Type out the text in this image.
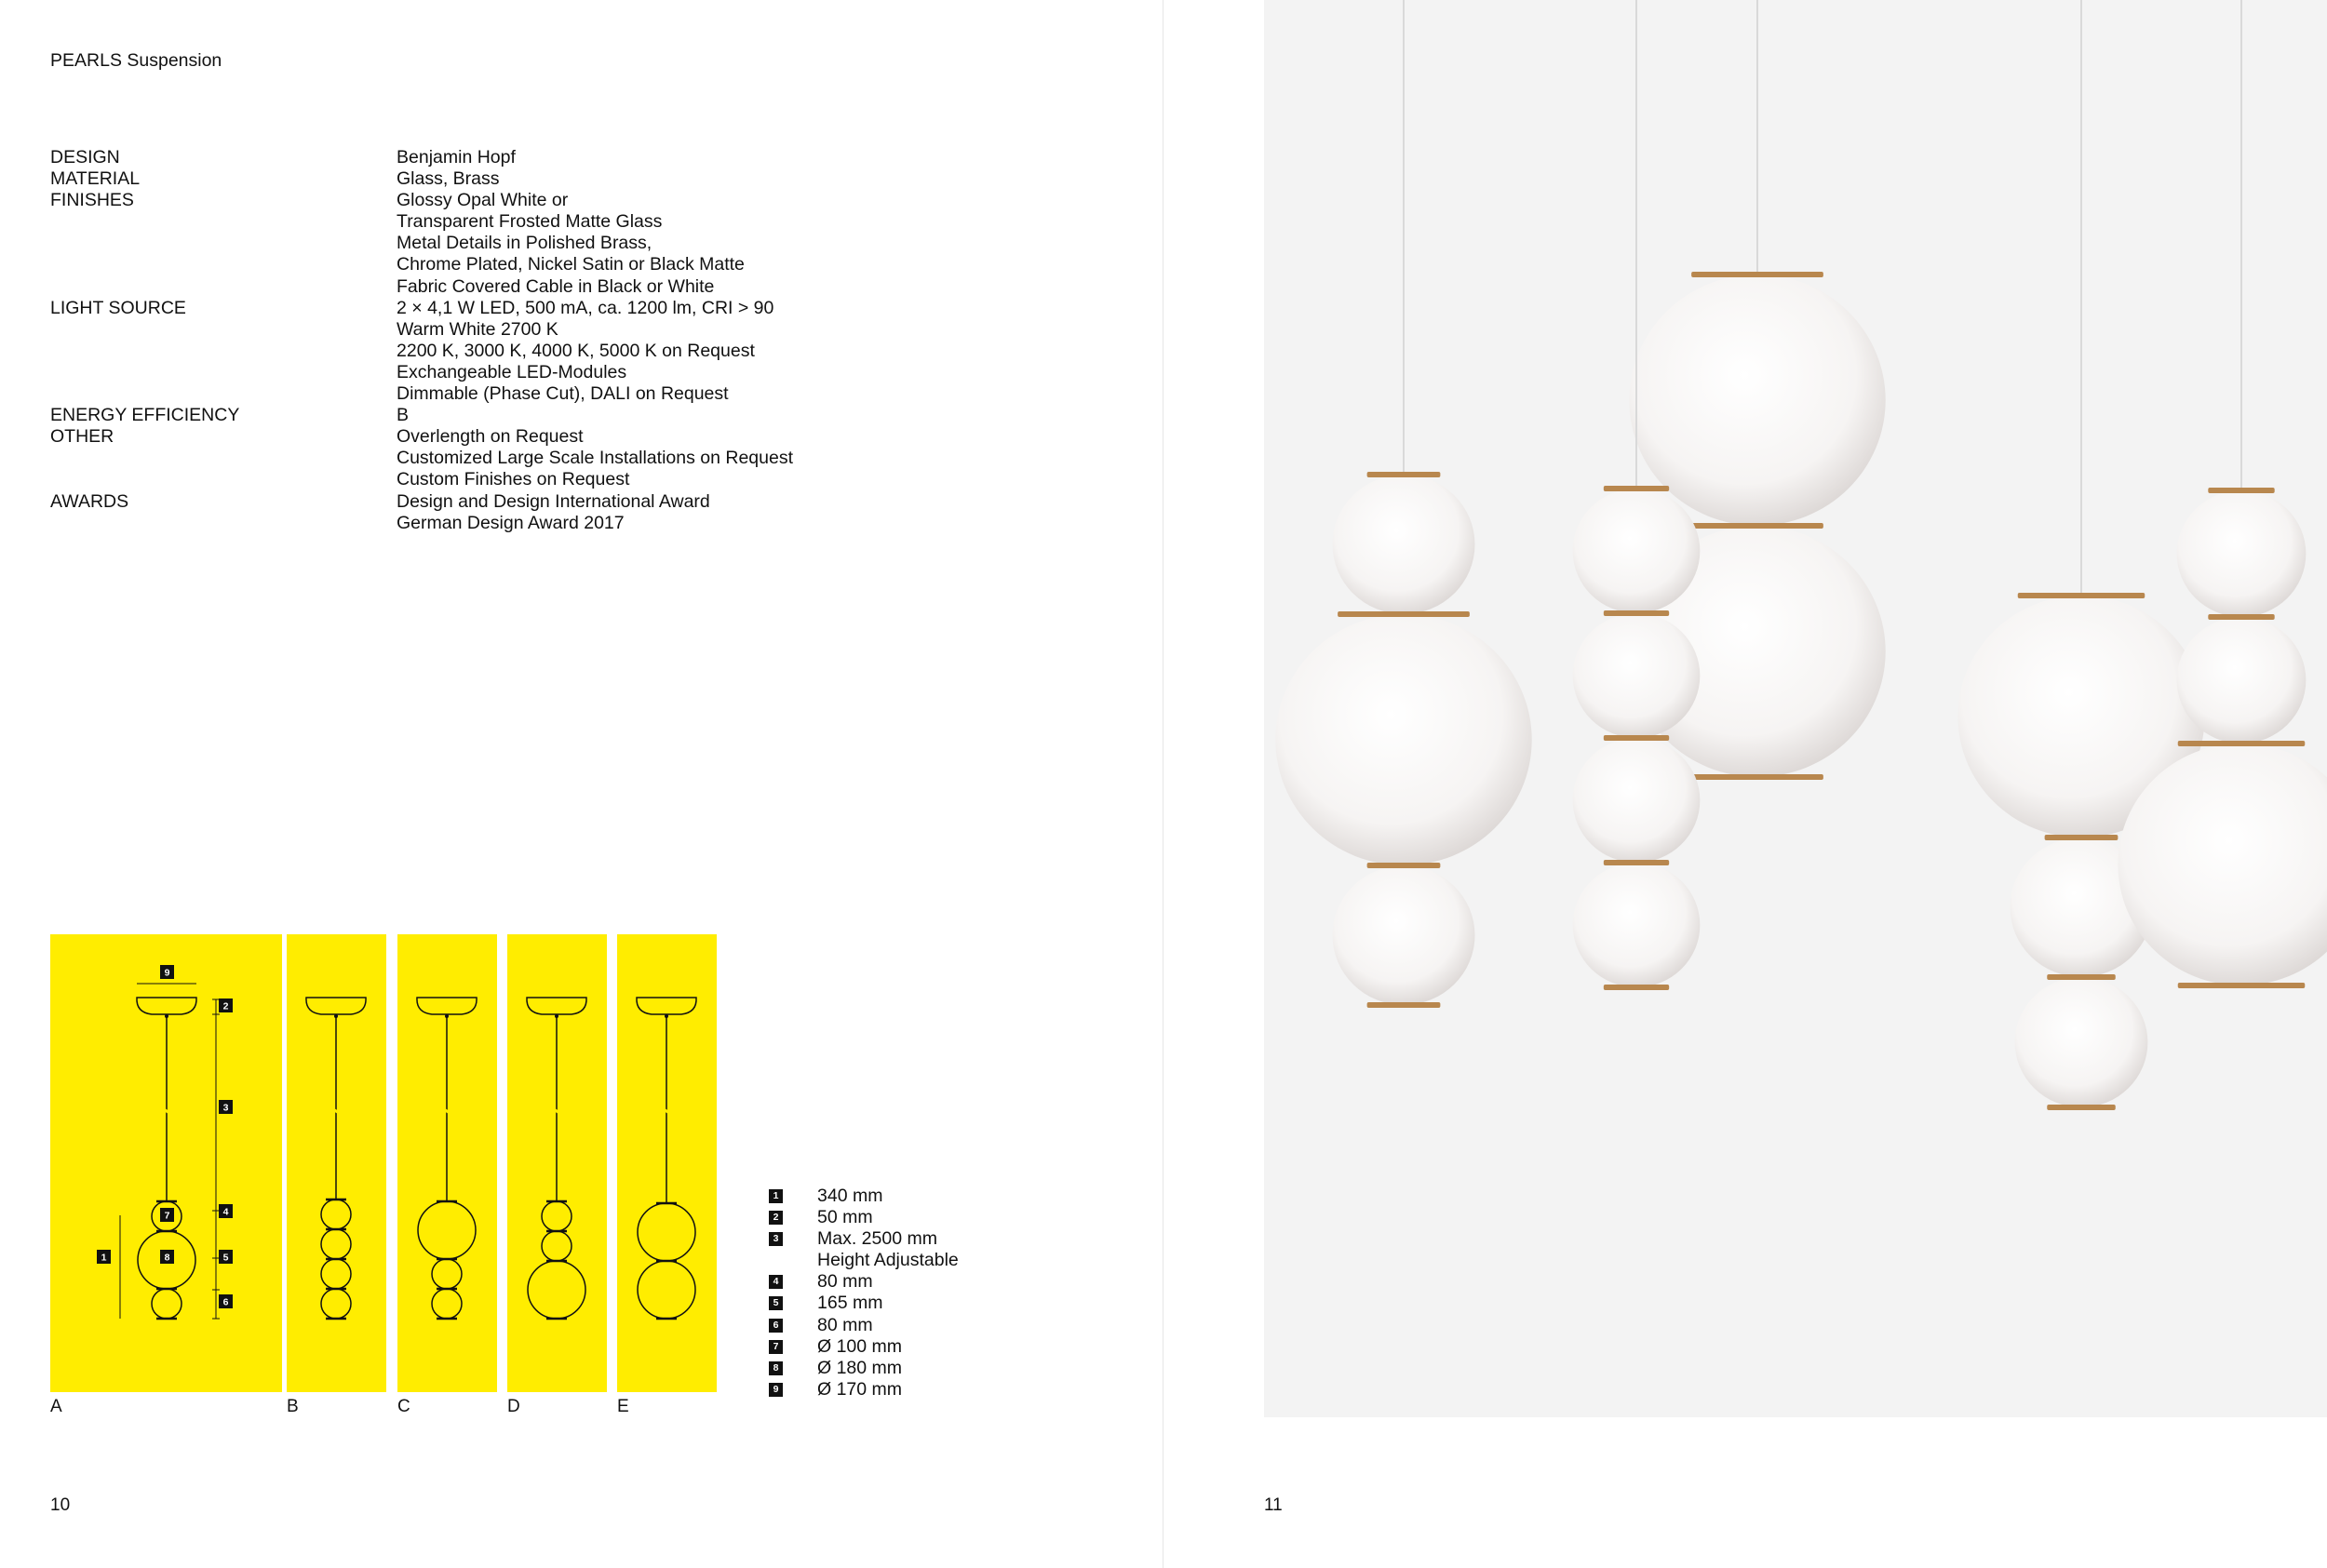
PEARLS Suspension
DESIGN	Benjamin Hopf
MATERIAL	Glass, Brass
FINISHES	Glossy Opal White or
Transparent Frosted Matte Glass
Metal Details in Polished Brass,
Chrome Plated, Nickel Satin or Black Matte
Fabric Covered Cable in Black or White
LIGHT SOURCE	2 × 4,1 W LED, 500 mA, ca. 1200 lm, CRI > 90
Warm White 2700 K
2200 K, 3000 K, 4000 K, 5000 K on Request
Exchangeable LED-Modules
Dimmable (Phase Cut), DALI on Request
ENERGY EFFICIENCY	B
OTHER	Overlength on Request
Customized Large Scale Installations on Request
Custom Finishes on Request
AWARDS	Design and Design International Award
German Design Award 2017
9
2
3
4
5
6
7
8
1
A	B	C	D	E
1 340 mm
2 50 mm
3 Max. 2500 mm
Height Adjustable
4 80 mm
5 165 mm
6 80 mm
7 Ø 100 mm
8 Ø 180 mm
9 Ø 170 mm
10	11
